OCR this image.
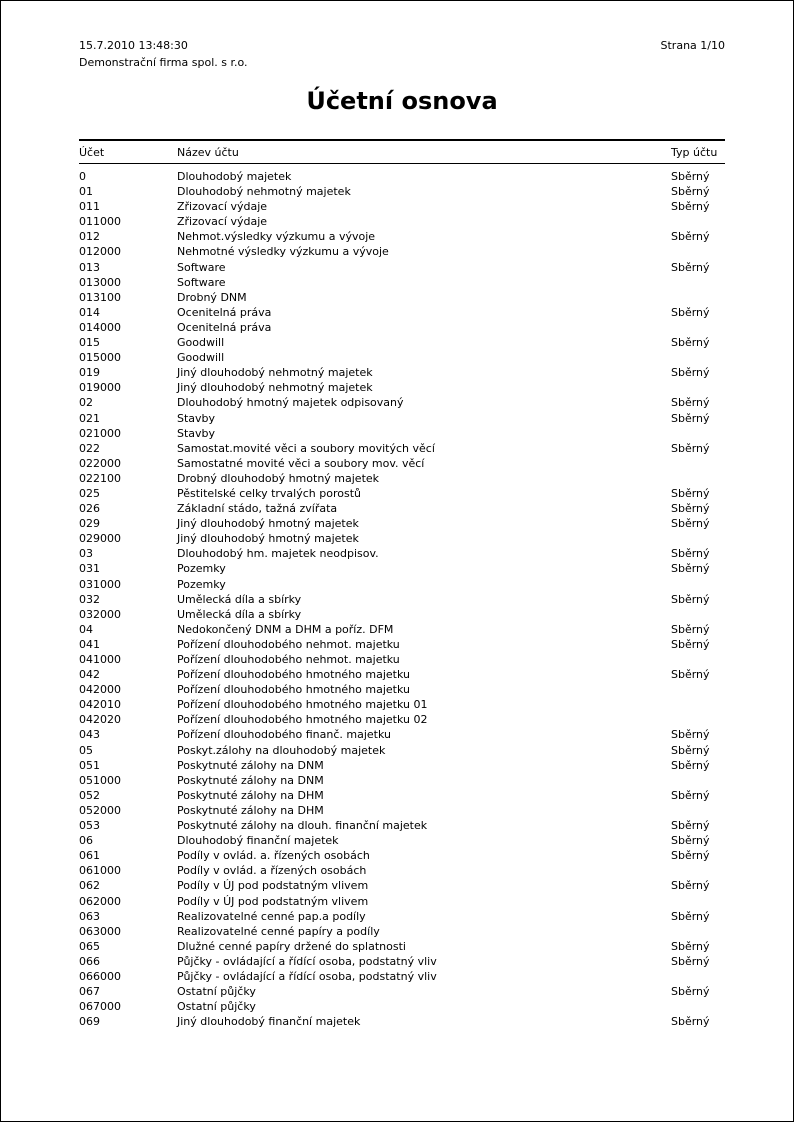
15.7.2010 13:48:30
Demonstrační firma spol. s r.o.
Strana 1/10
Účetní osnova
Účet	Název účtu	Typ účtu
0	Dlouhodobý majetek	Sběrný
01	Dlouhodobý nehmotný majetek	Sběrný
011	Zřizovací výdaje	Sběrný
011000	Zřizovací výdaje
012	Nehmot.výsledky výzkumu a vývoje	Sběrný
012000	Nehmotné výsledky výzkumu a vývoje
013	Software	Sběrný
013000	Software
013100	Drobný DNM
014	Ocenitelná práva	Sběrný
014000	Ocenitelná práva
015	Goodwill	Sběrný
015000	Goodwill
019	Jiný dlouhodobý nehmotný majetek	Sběrný
019000	Jiný dlouhodobý nehmotný majetek
02	Dlouhodobý hmotný majetek odpisovaný	Sběrný
021	Stavby	Sběrný
021000	Stavby
022	Samostat.movité věci a soubory movitých věcí	Sběrný
022000	Samostatné movité věci a soubory mov. věcí
022100	Drobný dlouhodobý hmotný majetek
025	Pěstitelské celky trvalých porostů	Sběrný
026	Základní stádo, tažná zvířata	Sběrný
029	Jiný dlouhodobý hmotný majetek	Sběrný
029000	Jiný dlouhodobý hmotný majetek
03	Dlouhodobý hm. majetek neodpisov.	Sběrný
031	Pozemky	Sběrný
031000	Pozemky
032	Umělecká díla a sbírky	Sběrný
032000	Umělecká díla a sbírky
04	Nedokončený DNM a DHM a poříz. DFM	Sběrný
041	Pořízení dlouhodobého nehmot. majetku	Sběrný
041000	Pořízení dlouhodobého nehmot. majetku
042	Pořízení dlouhodobého hmotného majetku	Sběrný
042000	Pořízení dlouhodobého hmotného majetku
042010	Pořízení dlouhodobého hmotného majetku 01
042020	Pořízení dlouhodobého hmotného majetku 02
043	Pořízení dlouhodobého finanč. majetku	Sběrný
05	Poskyt.zálohy na dlouhodobý majetek	Sběrný
051	Poskytnuté zálohy na DNM	Sběrný
051000	Poskytnuté zálohy na DNM
052	Poskytnuté zálohy na DHM	Sběrný
052000	Poskytnuté zálohy na DHM
053	Poskytnuté zálohy na dlouh. finanční majetek	Sběrný
06	Dlouhodobý finanční majetek	Sběrný
061	Podíly v ovlád. a. řízených osobách	Sběrný
061000	Podíly v ovlád. a řízených osobách
062	Podíly v ÚJ pod podstatným vlivem	Sběrný
062000	Podíly v ÚJ pod podstatným vlivem
063	Realizovatelné cenné pap.a podíly	Sběrný
063000	Realizovatelné cenné papíry a podíly
065	Dlužné cenné papíry držené do splatnosti	Sběrný
066	Půjčky - ovládající a řídící osoba, podstatný vliv	Sběrný
066000	Půjčky - ovládající a řídící osoba, podstatný vliv
067	Ostatní půjčky	Sběrný
067000	Ostatní půjčky
069	Jiný dlouhodobý finanční majetek	Sběrný
